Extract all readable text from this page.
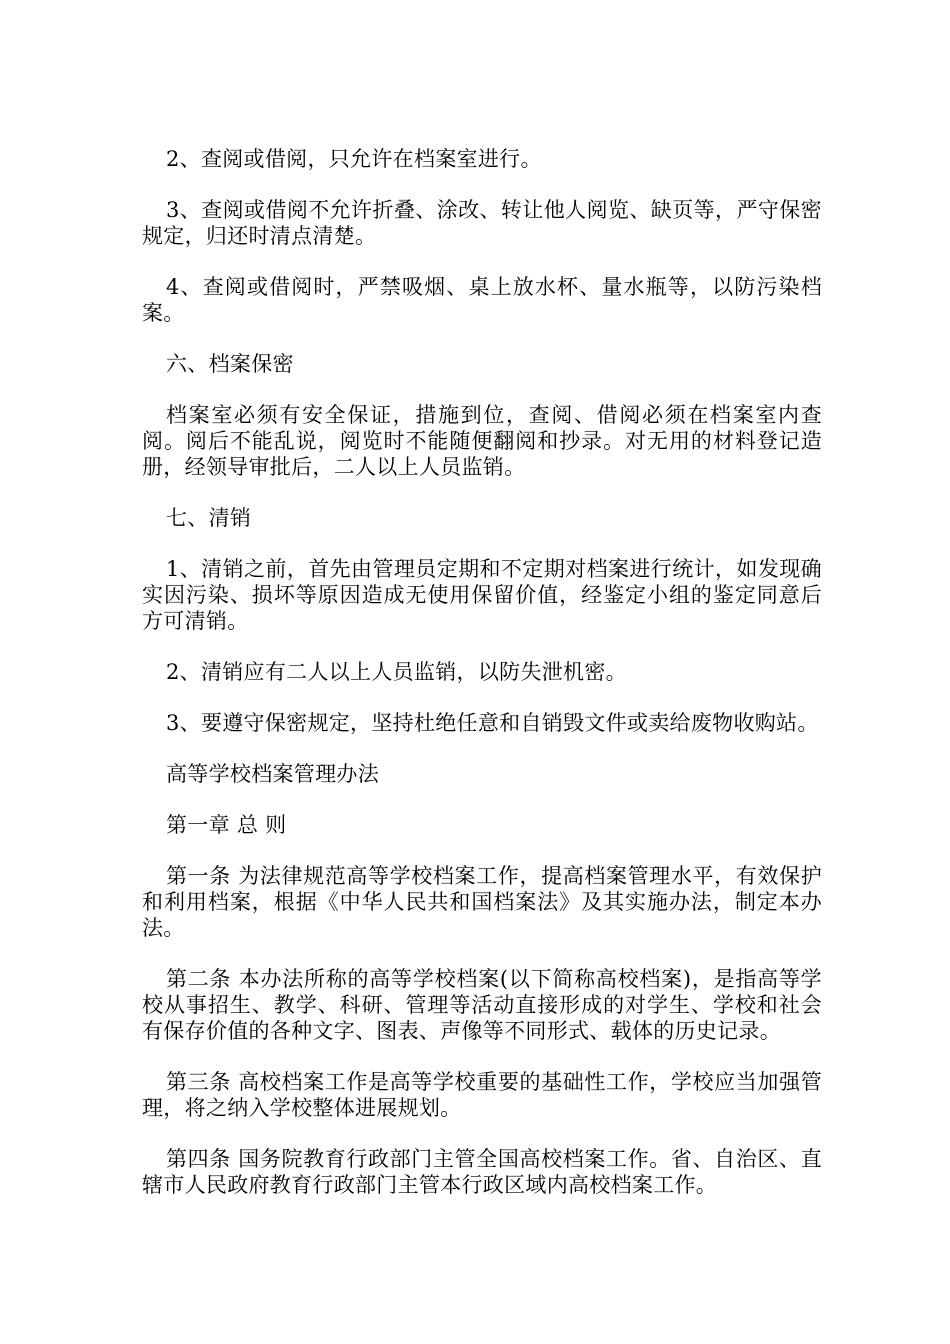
2、查阅或借阅，只允许在档案室进行。

3、查阅或借阅不允许折叠、涂改、转让他人阅览、缺页等，严守保密规定，归还时清点清楚。

4、查阅或借阅时，严禁吸烟、桌上放水杯、量水瓶等，以防污染档案。

六、档案保密

档案室必须有安全保证，措施到位，查阅、借阅必须在档案室内查阅。阅后不能乱说，阅览时不能随便翻阅和抄录。对无用的材料登记造册，经领导审批后，二人以上人员监销。

七、清销

1、清销之前，首先由管理员定期和不定期对档案进行统计，如发现确实因污染、损坏等原因造成无使用保留价值，经鉴定小组的鉴定同意后方可清销。

2、清销应有二人以上人员监销，以防失泄机密。

3、要遵守保密规定，坚持杜绝任意和自销毁文件或卖给废物收购站。

高等学校档案管理办法

第一章 总 则

第一条 为法律规范高等学校档案工作，提高档案管理水平，有效保护和利用档案，根据《中华人民共和国档案法》及其实施办法，制定本办法。

第二条 本办法所称的高等学校档案(以下简称高校档案)，是指高等学校从事招生、教学、科研、管理等活动直接形成的对学生、学校和社会有保存价值的各种文字、图表、声像等不同形式、载体的历史记录。

第三条 高校档案工作是高等学校重要的基础性工作，学校应当加强管理，将之纳入学校整体进展规划。

第四条 国务院教育行政部门主管全国高校档案工作。省、自治区、直辖市人民政府教育行政部门主管本行政区域内高校档案工作。
